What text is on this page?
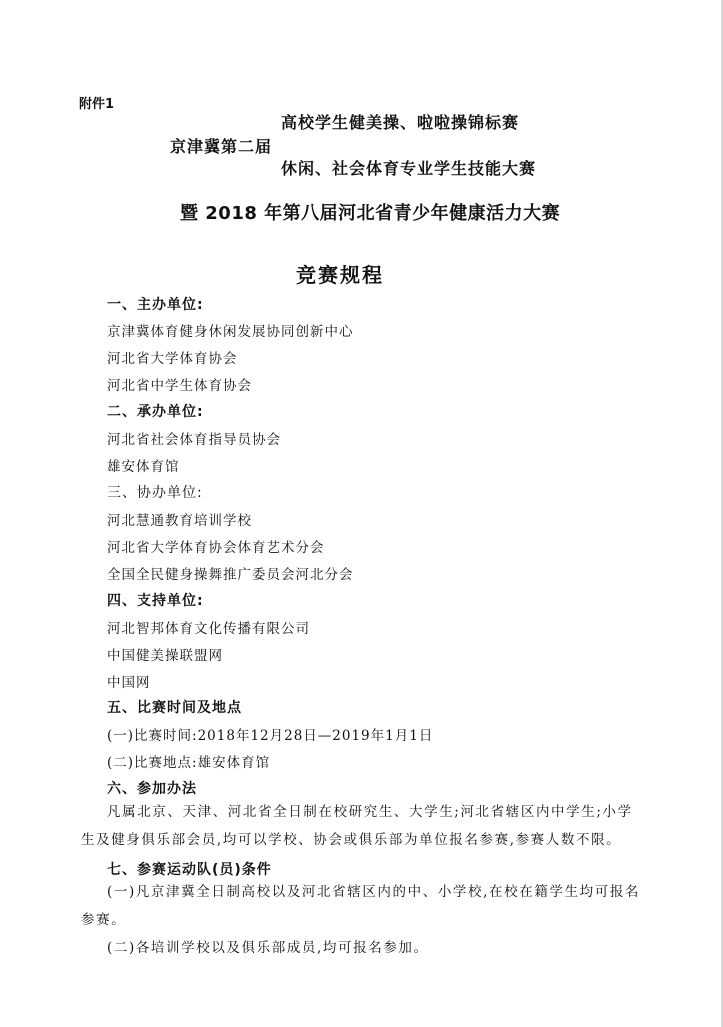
附件1
高校学生健美操、啦啦操锦标赛
京津冀第二届
休闲、社会体育专业学生技能大赛
暨 2018 年第八届河北省青少年健康活力大赛
竞赛规程
一、主办单位:
京津冀体育健身休闲发展协同创新中心
河北省大学体育协会
河北省中学生体育协会
二、承办单位:
河北省社会体育指导员协会
雄安体育馆
三、协办单位:
河北慧通教育培训学校
河北省大学体育协会体育艺术分会
全国全民健身操舞推广委员会河北分会
四、支持单位:
河北智邦体育文化传播有限公司
中国健美操联盟网
中国网
五、比赛时间及地点
(一)比赛时间:2018年12月28日—2019年1月1日
(二)比赛地点:雄安体育馆
六、参加办法
凡属北京、天津、河北省全日制在校研究生、大学生;河北省辖区内中学生;小学生及健身俱乐部会员,均可以学校、协会或俱乐部为单位报名参赛,参赛人数不限。
七、参赛运动队(员)条件
(一)凡京津冀全日制高校以及河北省辖区内的中、小学校,在校在籍学生均可报名参赛。
(二)各培训学校以及俱乐部成员,均可报名参加。
